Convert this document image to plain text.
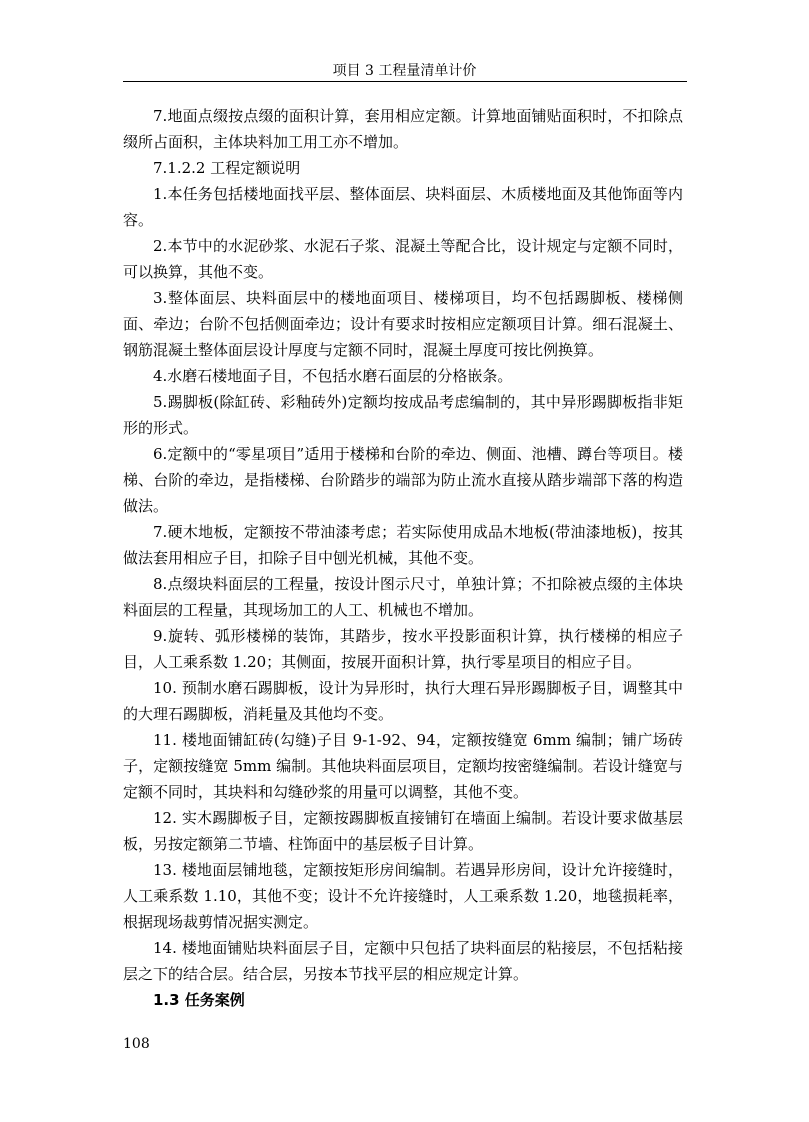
项目 3 工程量清单计价

7.地面点缀按点缀的面积计算，套用相应定额。计算地面铺贴面积时，不扣除点缀所占面积，主体块料加工用工亦不增加。

7.1.2.2 工程定额说明

1.本任务包括楼地面找平层、整体面层、块料面层、木质楼地面及其他饰面等内容。

2.本节中的水泥砂浆、水泥石子浆、混凝土等配合比，设计规定与定额不同时，可以换算，其他不变。

3.整体面层、块料面层中的楼地面项目、楼梯项目，均不包括踢脚板、楼梯侧面、牵边；台阶不包括侧面牵边；设计有要求时按相应定额项目计算。细石混凝土、钢筋混凝土整体面层设计厚度与定额不同时，混凝土厚度可按比例换算。

4.水磨石楼地面子目，不包括水磨石面层的分格嵌条。

5.踢脚板(除缸砖、彩釉砖外)定额均按成品考虑编制的，其中异形踢脚板指非矩形的形式。

6.定额中的“零星项目”适用于楼梯和台阶的牵边、侧面、池槽、蹲台等项目。楼梯、台阶的牵边，是指楼梯、台阶踏步的端部为防止流水直接从踏步端部下落的构造做法。

7.硬木地板，定额按不带油漆考虑；若实际使用成品木地板(带油漆地板)，按其做法套用相应子目，扣除子目中刨光机械，其他不变。

8.点缀块料面层的工程量，按设计图示尺寸，单独计算；不扣除被点缀的主体块料面层的工程量，其现场加工的人工、机械也不增加。

9.旋转、弧形楼梯的装饰，其踏步，按水平投影面积计算，执行楼梯的相应子目，人工乘系数 1.20；其侧面，按展开面积计算，执行零星项目的相应子目。

10. 预制水磨石踢脚板，设计为异形时，执行大理石异形踢脚板子目，调整其中的大理石踢脚板，消耗量及其他均不变。

11. 楼地面铺缸砖(勾缝)子目 9-1-92、94，定额按缝宽 6mm 编制；铺广场砖子，定额按缝宽 5mm 编制。其他块料面层项目，定额均按密缝编制。若设计缝宽与定额不同时，其块料和勾缝砂浆的用量可以调整，其他不变。

12. 实木踢脚板子目，定额按踢脚板直接铺钉在墙面上编制。若设计要求做基层板，另按定额第二节墙、柱饰面中的基层板子目计算。

13. 楼地面层铺地毯，定额按矩形房间编制。若遇异形房间，设计允许接缝时，人工乘系数 1.10，其他不变；设计不允许接缝时，人工乘系数 1.20，地毯损耗率，根据现场裁剪情况据实测定。

14. 楼地面铺贴块料面层子目，定额中只包括了块料面层的粘接层，不包括粘接层之下的结合层。结合层，另按本节找平层的相应规定计算。

1.3 任务案例

108
